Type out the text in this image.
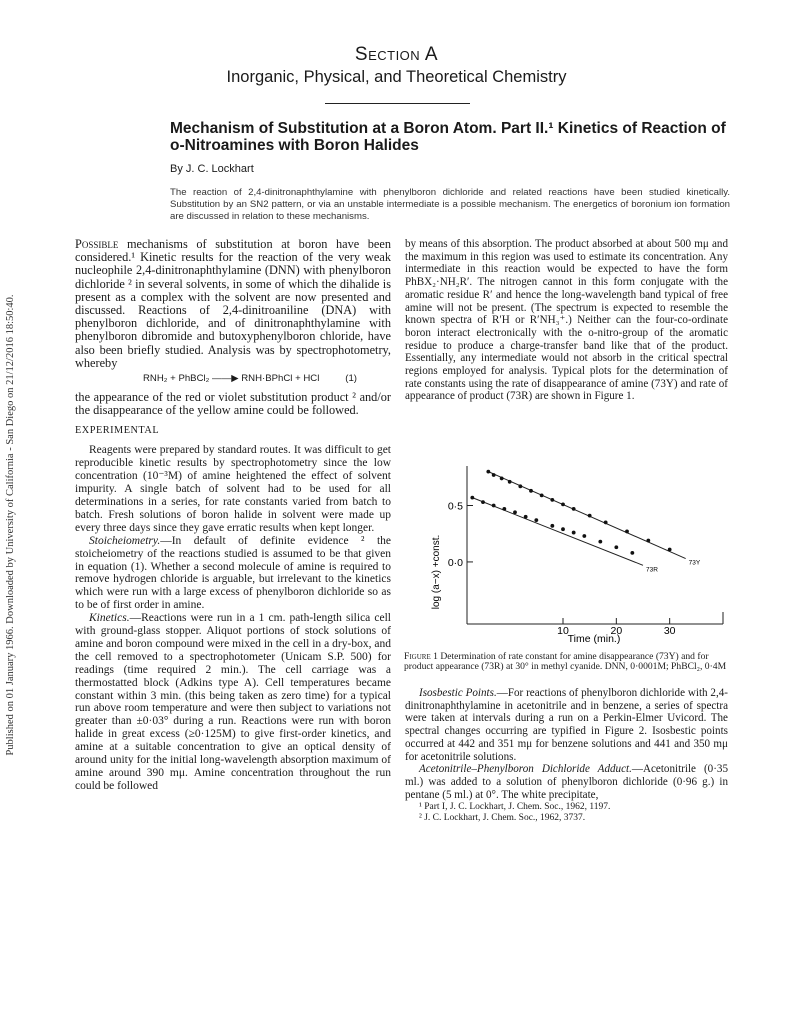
Published on 01 January 1966. Downloaded by University of California - San Diego on 21/12/2016 18:50:40.
Section A
Inorganic, Physical, and Theoretical Chemistry
Mechanism of Substitution at a Boron Atom. Part II.¹ Kinetics of Reaction of o-Nitroamines with Boron Halides
By J. C. Lockhart
The reaction of 2,4-dinitronaphthylamine with phenylboron dichloride and related reactions have been studied kinetically. Substitution by an SN2 pattern, or via an unstable intermediate is a possible mechanism. The energetics of boronium ion formation are discussed in relation to these mechanisms.

Possible mechanisms of substitution at boron have been considered.¹ Kinetic results for the reaction of the very weak nucleophile 2,4-dinitronaphthylamine (DNN) with phenylboron dichloride ² in several solvents, in some of which the dihalide is present as a complex with the solvent are now presented and discussed. Reactions of 2,4-dinitroaniline (DNA) with phenylboron dichloride, and of dinitronaphthylamine with phenylboron dibromide and butoxyphenylboron chloride, have also been briefly studied. Analysis was by spectrophotometry, whereby

RNH₂ + PhBCl₂ ——▶ RNH·BPhCl + HCl	(1)

the appearance of the red or violet substitution product ² and/or the disappearance of the yellow amine could be followed.

EXPERIMENTAL

Reagents were prepared by standard routes. It was difficult to get reproducible kinetic results by spectrophotometry since the low concentration (10⁻³M) of amine heightened the effect of solvent impurity. A single batch of solvent had to be used for all determinations in a series, for rate constants varied from batch to batch. Fresh solutions of boron halide in solvent were made up every three days since they gave erratic results when kept longer.

Stoicheiometry.—In default of definite evidence ² the stoicheiometry of the reactions studied is assumed to be that given in equation (1). Whether a second molecule of amine is required to remove hydrogen chloride is arguable, but irrelevant to the kinetics which were run with a large excess of phenylboron dichloride so as to be of first order in amine.

Kinetics.—Reactions were run in a 1 cm. path-length silica cell with ground-glass stopper. Aliquot portions of stock solutions of amine and boron compound were mixed in the cell in a dry-box, and the cell removed to a spectrophotometer (Unicam S.P. 500) for readings (time required 2 min.). The cell carriage was a thermostatted block (Adkins type A). Cell temperatures became constant within 3 min. (this being taken as zero time) for a typical run above room temperature and were then subject to variations not greater than ±0·03° during a run. Reactions were run with boron halide in great excess (≥0·125M) to give first-order kinetics, and amine at a suitable concentration to give an optical density of around unity for the initial long-wavelength absorption maximum of amine around 390 mμ. Amine concentration throughout the run could be followed

by means of this absorption. The product absorbed at about 500 mμ and the maximum in this region was used to estimate its concentration. Any intermediate in this reaction would be expected to have the form PhBX₂·NH₂R′. The nitrogen cannot in this form conjugate with the aromatic residue R′ and hence the long-wavelength band typical of free amine will not be present. (The spectrum is expected to resemble the known spectra of R′H or R′NH₃⁺.) Neither can the four-co-ordinate boron interact electronically with the o-nitro-group of the aromatic residue to produce a charge-transfer band like that of the product. Essentially, any intermediate would not absorb in the critical spectral regions employed for analysis. Typical plots for the determination of rate constants using the rate of disappearance of amine (73Y) and rate of appearance of product (73R) are shown in Figure 1.

log (a−x) +const. 0·0
0·5
10	20	30
73Y
73R
Time (min.)
Figure 1 Determination of rate constant for amine disappearance (73Y) and for product appearance (73R) at 30° in methyl cyanide. DNN, 0·0001M; PhBCl₂, 0·4M

Isosbestic Points.—For reactions of phenylboron dichloride with 2,4-dinitronaphthylamine in acetonitrile and in benzene, a series of spectra were taken at intervals during a run on a Perkin-Elmer Uvicord. The spectral changes occurring are typified in Figure 2. Isosbestic points occurred at 442 and 351 mμ for benzene solutions and 441 and 350 mμ for acetonitrile solutions.

Acetonitrile–Phenylboron Dichloride Adduct.—Acetonitrile (0·35 ml.) was added to a solution of phenylboron dichloride (0·96 g.) in pentane (5 ml.) at 0°. The white precipitate,

¹ Part I, J. C. Lockhart, J. Chem. Soc., 1962, 1197.

² J. C. Lockhart, J. Chem. Soc., 1962, 3737.
